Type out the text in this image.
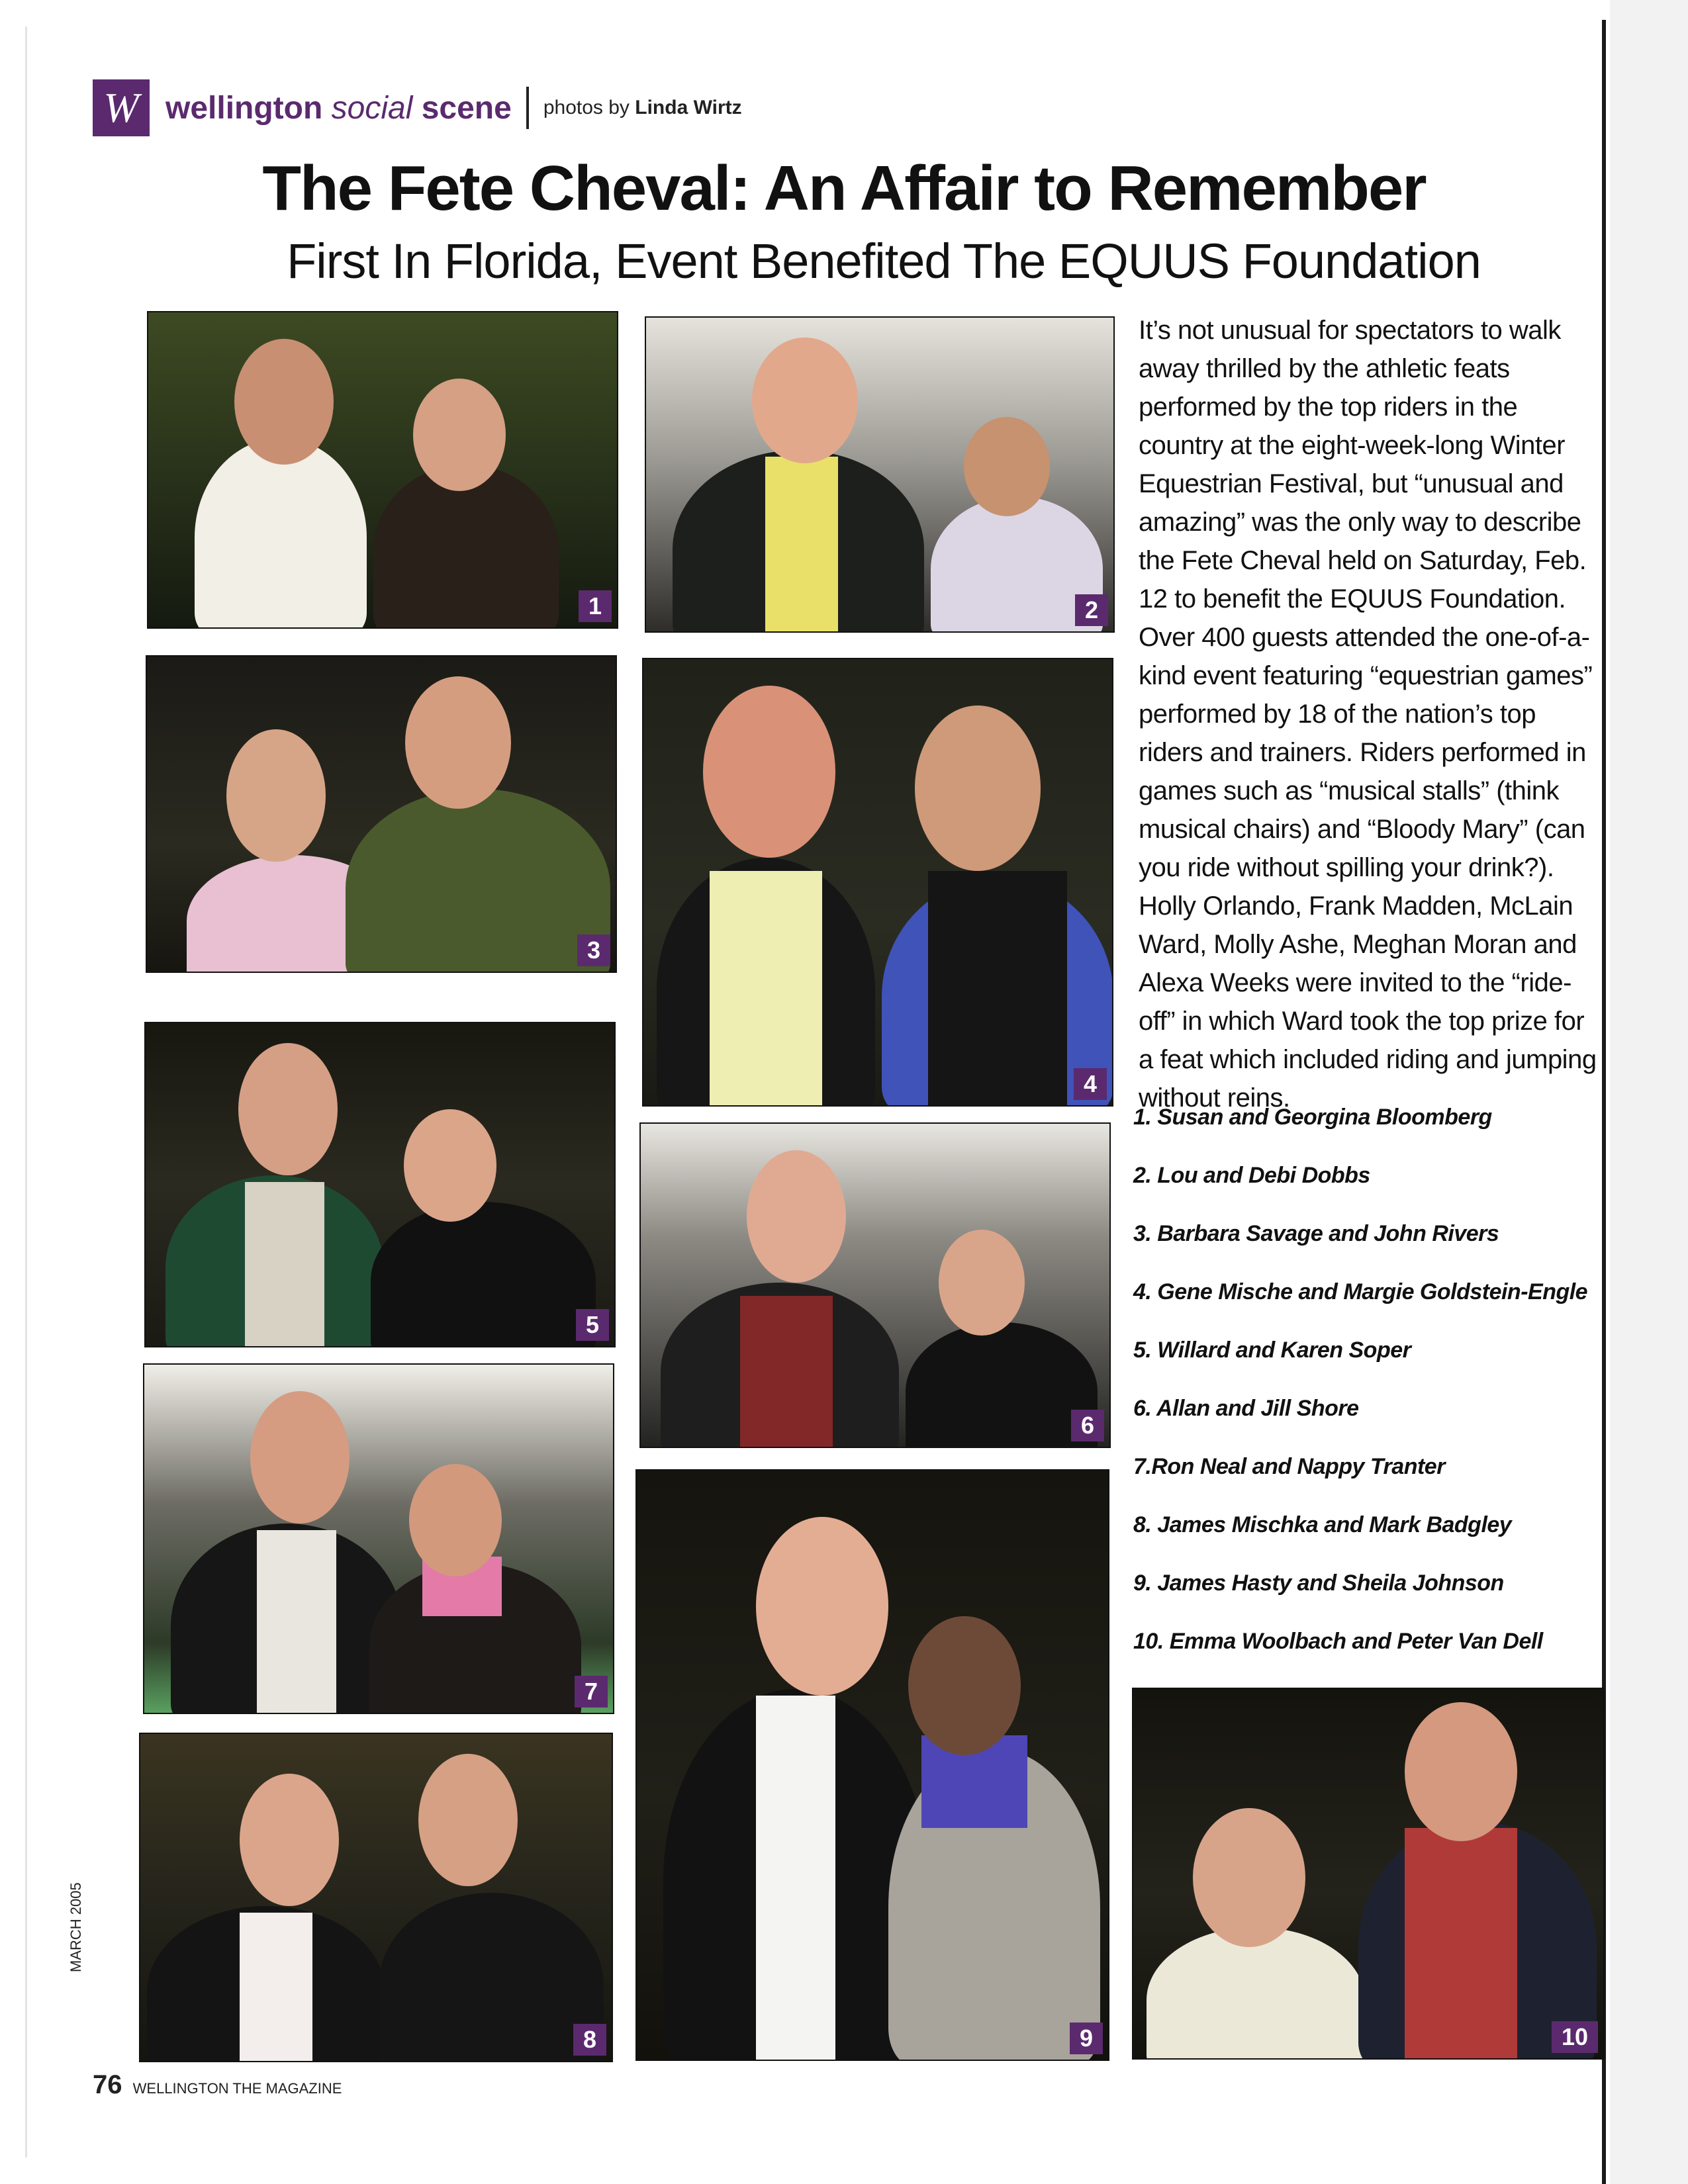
W wellington social scene photos by Linda Wirtz
The Fete Cheval: An Affair to Remember
First In Florida, Event Benefited The EQUUS Foundation
1	2
3
4
5
6
7
8	9	10
It’s not unusual for spectators to walk away thrilled by the athletic feats performed by the top riders in the country at the eight-week-long Winter Equestrian Festival, but “unusual and amazing” was the only way to describe the Fete Cheval held on Saturday, Feb. 12 to benefit the EQUUS Foundation. Over 400 guests attended the one-of-a-kind event featuring “equestrian games” performed by 18 of the nation’s top riders and trainers. Riders performed in games such as “musical stalls” (think musical chairs) and “Bloody Mary” (can you ride without spilling your drink?). Holly Orlando, Frank Madden, McLain Ward, Molly Ashe, Meghan Moran and Alexa Weeks were invited to the “ride-off” in which Ward took the top prize for a feat which included riding and jumping without reins.
1. Susan and Georgina Bloomberg
2. Lou and Debi Dobbs
3. Barbara Savage and John Rivers
4. Gene Mische and Margie Goldstein-Engle
5. Willard and Karen Soper
6. Allan and Jill Shore
7.Ron Neal and Nappy Tranter
8. James Mischka and Mark Badgley
9. James Hasty and Sheila Johnson
10. Emma Woolbach and Peter Van Dell
MARCH 2005
76 WELLINGTON THE MAGAZINE
